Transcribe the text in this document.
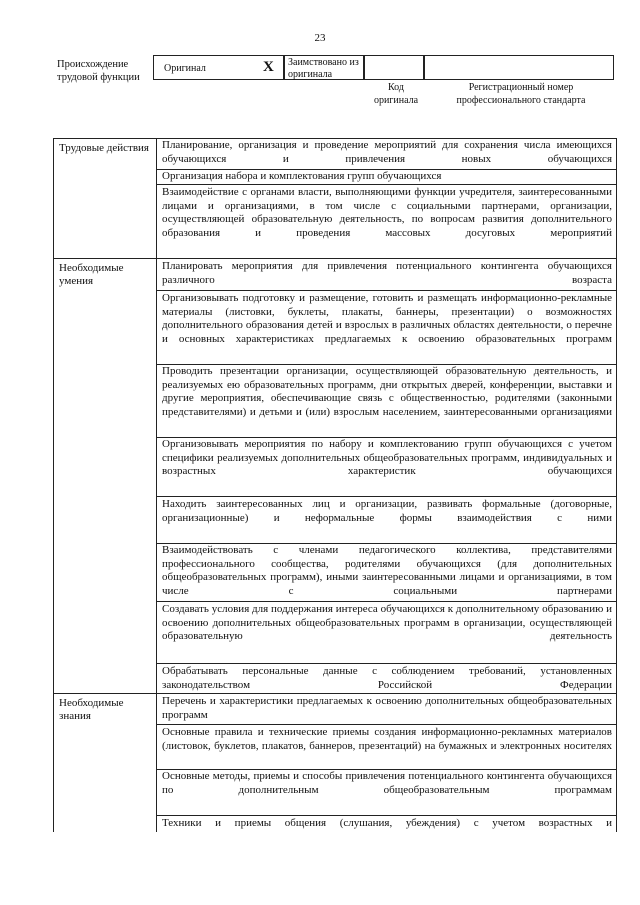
23
Происхождение трудовой функции
Оригинал	X	Заимствовано из оригинала
Код оригинала
Регистрационный номер профессионального стандарта
Трудовые действия Планирование, организация и проведение мероприятий для сохранения числа имеющихся обучающихся и привлечения новых обучающихся
Организация набора и комплектования групп обучающихся
Взаимодействие с органами власти, выполняющими функции учредителя, заинтересованными лицами и организациями, в том числе с социальными партнерами, организации, осуществляющей образовательную деятельность, по вопросам развития дополнительного образования и проведения массовых досуговых мероприятий
Необходимые умения
Планировать мероприятия для привлечения потенциального контингента обучающихся различного возраста
Организовывать подготовку и размещение, готовить и размещать информационно-рекламные материалы (листовки, буклеты, плакаты, баннеры, презентации) о возможностях дополнительного образования детей и взрослых в различных областях деятельности, о перечне и основных характеристиках предлагаемых к освоению образовательных программ
Проводить презентации организации, осуществляющей образовательную деятельность, и реализуемых ею образовательных программ, дни открытых дверей, конференции, выставки и другие мероприятия, обеспечивающие связь с общественностью, родителями (законными представителями) и детьми и (или) взрослым населением, заинтересованными организациями
Организовывать мероприятия по набору и комплектованию групп обучающихся с учетом специфики реализуемых дополнительных общеобразовательных программ, индивидуальных и возрастных характеристик обучающихся
Находить заинтересованных лиц и организации, развивать формальные (договорные, организационные) и неформальные формы взаимодействия с ними
Взаимодействовать с членами педагогического коллектива, представителями профессионального сообщества, родителями обучающихся (для дополнительных общеобразовательных программ), иными заинтересованными лицами и организациями, в том числе с социальными партнерами
Создавать условия для поддержания интереса обучающихся к дополнительному образованию и освоению дополнительных общеобразовательных программ в организации, осуществляющей образовательную деятельность
Обрабатывать персональные данные с соблюдением требований, установленных законодательством Российской Федерации
Необходимые знания
Перечень и характеристики предлагаемых к освоению дополнительных общеобразовательных программ
Основные правила и технические приемы создания информационно-рекламных материалов (листовок, буклетов, плакатов, баннеров, презентаций) на бумажных и электронных носителях
Основные методы, приемы и способы привлечения потенциального контингента обучающихся по дополнительным общеобразовательным программам
Техники и приемы общения (слушания, убеждения) с учетом возрастных и
